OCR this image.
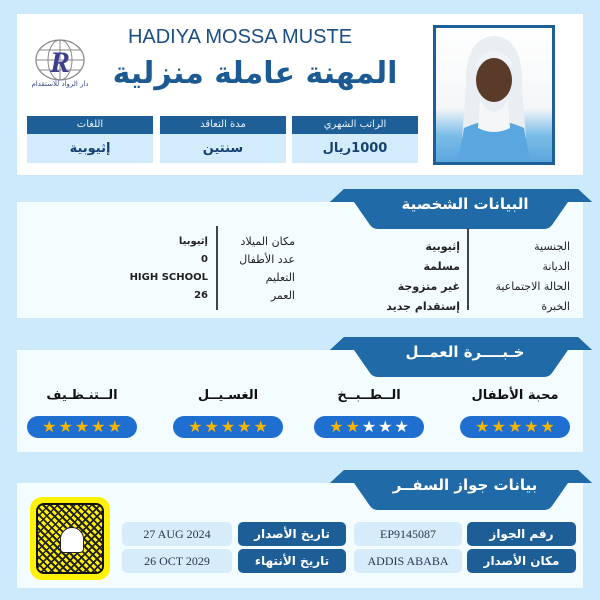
R
دار الرواد للاستقدام
HADIYA MOSSA MUSTE
المهنة عاملة منزلية
الراتب الشهري
1000ريال
مدة التعاقد
سنتين
اللغات
إثيوبية
البيانات الشخصية
الجنسية
الديانة
الحالة الاجتماعية
الخبرة
إثيوبية
مسلمة
غير متزوجة
إستقدام جديد
مكان الميلاد
عدد الأطفال
التعليم
العمر
إثيوبيا
0
HIGH SCHOOL
26
خـبــــرة العمــل
محبة الأطفال
★ ★ ★ ★ ★
الــطــبــخ
★ ★ ★ ★ ★
الغسـيــل
★ ★ ★ ★ ★
الــتنـظـيف
★ ★ ★ ★ ★
بيانات جواز السفــر
رقم الجواز
EP9145087
مكان الأصدار
ADDIS ABABA
تاريخ الأصدار
27 AUG 2024
تاريخ الأنتهاء
26 OCT 2029
